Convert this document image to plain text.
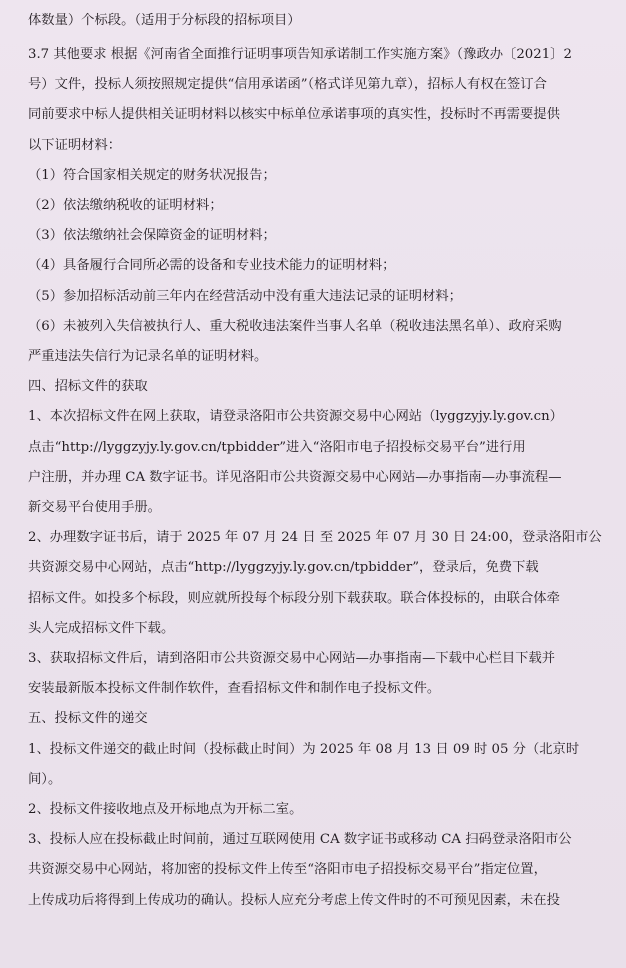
体数量）个标段。（适用于分标段的招标项目）

3.7 其他要求 根据《河南省全面推行证明事项告知承诺制工作实施方案》（豫政办〔2021〕2

号）文件，投标人须按照规定提供“信用承诺函”（格式详见第九章），招标人有权在签订合

同前要求中标人提供相关证明材料以核实中标单位承诺事项的真实性，投标时不再需要提供

以下证明材料：

（1）符合国家相关规定的财务状况报告；

（2）依法缴纳税收的证明材料；

（3）依法缴纳社会保障资金的证明材料；

（4）具备履行合同所必需的设备和专业技术能力的证明材料；

（5）参加招标活动前三年内在经营活动中没有重大违法记录的证明材料；

（6）未被列入失信被执行人、重大税收违法案件当事人名单（税收违法黑名单）、政府采购

严重违法失信行为记录名单的证明材料。

四、招标文件的获取

1、本次招标文件在网上获取，请登录洛阳市公共资源交易中心网站（lyggzyjy.ly.gov.cn）

点击“http://lyggzyjy.ly.gov.cn/tpbidder”进入“洛阳市电子招投标交易平台”进行用

户注册，并办理 CA 数字证书。详见洛阳市公共资源交易中心网站—办事指南—办事流程—

新交易平台使用手册。

2、办理数字证书后，请于 2025 年 07 月 24 日 至 2025 年 07 月 30 日 24:00，登录洛阳市公

共资源交易中心网站，点击“http://lyggzyjy.ly.gov.cn/tpbidder”，登录后，免费下载

招标文件。如投多个标段，则应就所投每个标段分别下载获取。联合体投标的，由联合体牵

头人完成招标文件下载。

3、获取招标文件后，请到洛阳市公共资源交易中心网站—办事指南—下载中心栏目下载并

安装最新版本投标文件制作软件，查看招标文件和制作电子投标文件。

五、投标文件的递交

1、投标文件递交的截止时间（投标截止时间）为 2025 年 08 月 13 日 09 时 05 分（北京时

间）。

2、投标文件接收地点及开标地点为开标二室。

3、投标人应在投标截止时间前，通过互联网使用 CA 数字证书或移动 CA 扫码登录洛阳市公

共资源交易中心网站，将加密的投标文件上传至“洛阳市电子招投标交易平台”指定位置，

上传成功后将得到上传成功的确认。投标人应充分考虑上传文件时的不可预见因素，未在投
